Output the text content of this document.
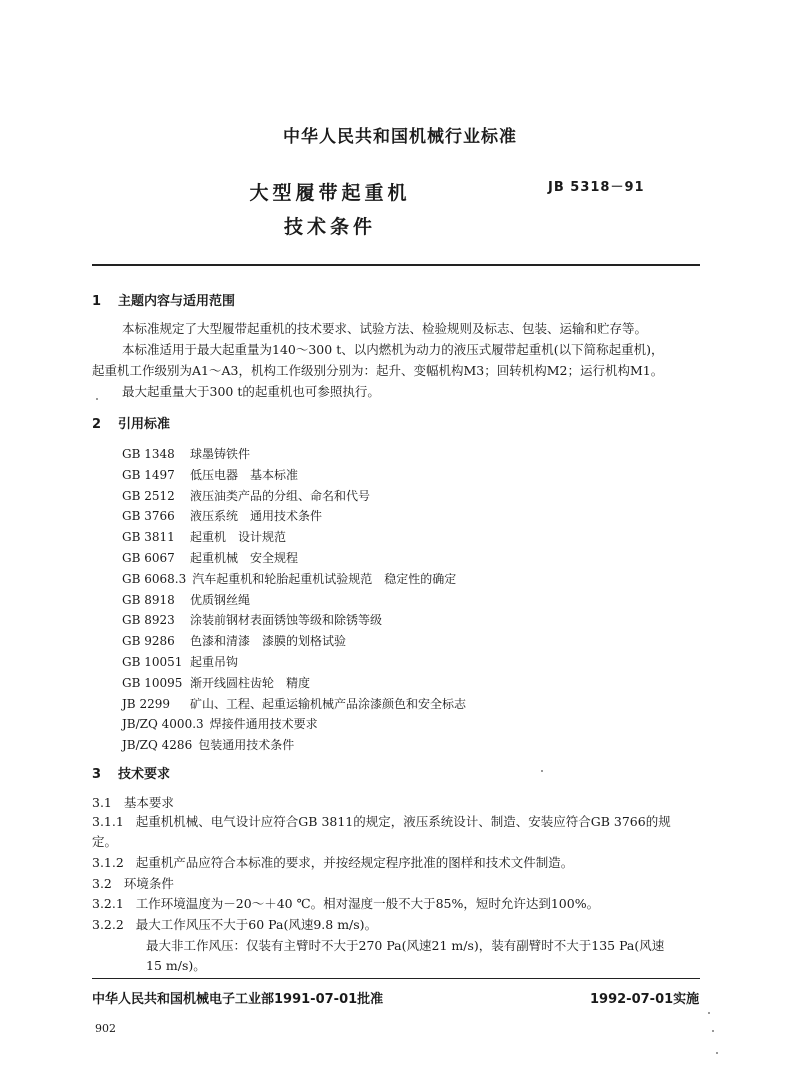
中华人民共和国机械行业标准
大型履带起重机
技术条件
JB 5318－91
1 主题内容与适用范围
本标准规定了大型履带起重机的技术要求、试验方法、检验规则及标志、包装、运输和贮存等。
本标准适用于最大起重量为140～300 t、以内燃机为动力的液压式履带起重机(以下简称起重机)，
起重机工作级别为A1～A3，机构工作级别分别为：起升、变幅机构M3；回转机构M2；运行机构M1。
最大起重量大于300 t的起重机也可参照执行。
2 引用标准
GB 1348 球墨铸铁件
GB 1497 低压电器　基本标准
GB 2512 液压油类产品的分组、命名和代号
GB 3766 液压系统　通用技术条件
GB 3811 起重机　设计规范
GB 6067 起重机械　安全规程
GB 6068.3 汽车起重机和轮胎起重机试验规范　稳定性的确定
GB 8918 优质钢丝绳
GB 8923 涂装前钢材表面锈蚀等级和除锈等级
GB 9286 色漆和清漆　漆膜的划格试验
GB 10051 起重吊钩
GB 10095 渐开线圆柱齿轮　精度
JB 2299 矿山、工程、起重运输机械产品涂漆颜色和安全标志
JB/ZQ 4000.3 焊接件通用技术要求
JB/ZQ 4286 包装通用技术条件
3 技术要求
3.1 基本要求
3.1.1 起重机机械、电气设计应符合GB 3811的规定，液压系统设计、制造、安装应符合GB 3766的规
定。
3.1.2 起重机产品应符合本标准的要求，并按经规定程序批准的图样和技术文件制造。
3.2 环境条件
3.2.1 工作环境温度为－20～＋40 ℃。相对湿度一般不大于85%，短时允许达到100%。
3.2.2 最大工作风压不大于60 Pa(风速9.8 m/s)。
最大非工作风压：仅装有主臂时不大于270 Pa(风速21 m/s)，装有副臂时不大于135 Pa(风速
15 m/s)。
中华人民共和国机械电子工业部1991-07-01批准	1992-07-01实施
902
